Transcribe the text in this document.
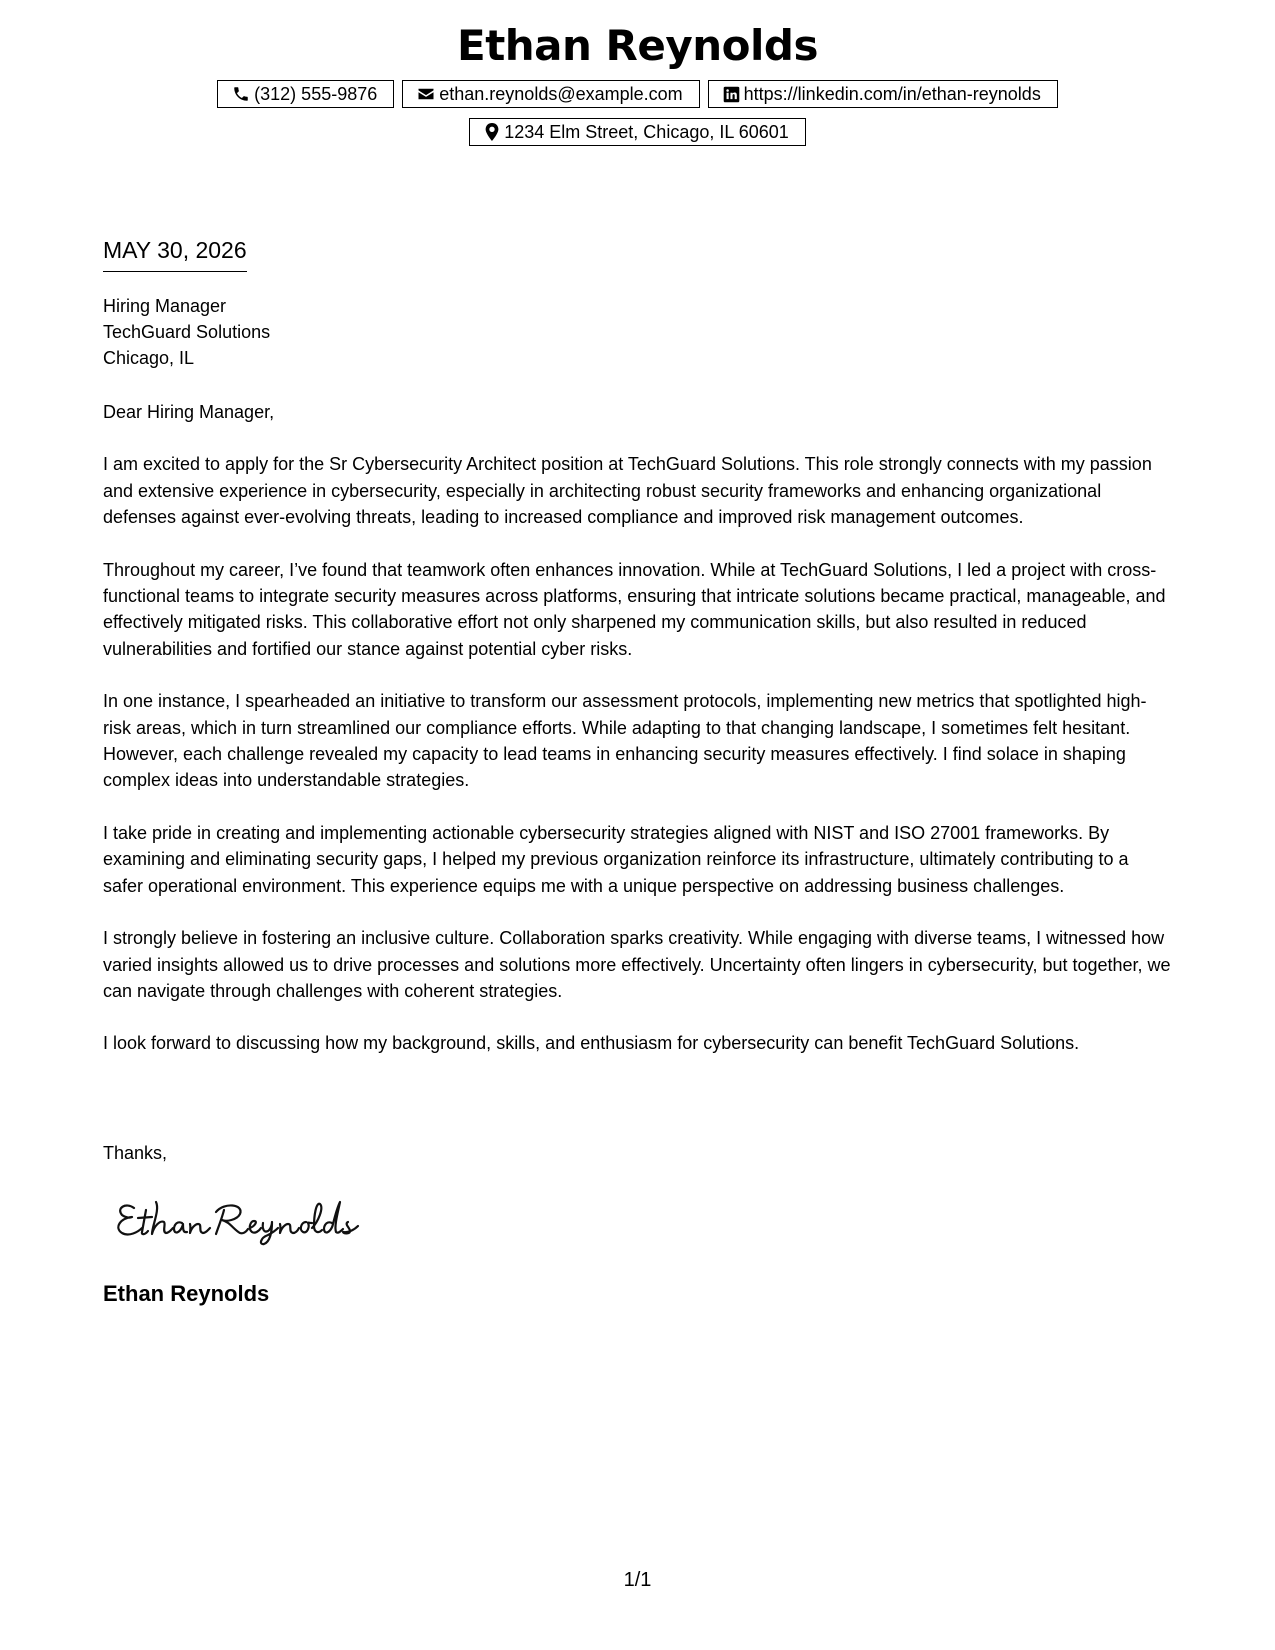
Ethan Reynolds
(312) 555-9876	ethan.reynolds@example.com	https://linkedin.com/in/ethan-reynolds
1234 Elm Street, Chicago, IL 60601
MAY 30, 2026
Hiring Manager
TechGuard Solutions
Chicago, IL
Dear Hiring Manager,

I am excited to apply for the Sr Cybersecurity Architect position at TechGuard Solutions. This role strongly connects with my passion and extensive experience in cybersecurity, especially in architecting robust security frameworks and enhancing organizational defenses against ever-evolving threats, leading to increased compliance and improved risk management outcomes.

Throughout my career, I’ve found that teamwork often enhances innovation. While at TechGuard Solutions, I led a project with cross-functional teams to integrate security measures across platforms, ensuring that intricate solutions became practical, manageable, and effectively mitigated risks. This collaborative effort not only sharpened my communication skills, but also resulted in reduced vulnerabilities and fortified our stance against potential cyber risks.

In one instance, I spearheaded an initiative to transform our assessment protocols, implementing new metrics that spotlighted high-risk areas, which in turn streamlined our compliance efforts. While adapting to that changing landscape, I sometimes felt hesitant. However, each challenge revealed my capacity to lead teams in enhancing security measures effectively. I find solace in shaping complex ideas into understandable strategies.

I take pride in creating and implementing actionable cybersecurity strategies aligned with NIST and ISO 27001 frameworks. By examining and eliminating security gaps, I helped my previous organization reinforce its infrastructure, ultimately contributing to a safer operational environment. This experience equips me with a unique perspective on addressing business challenges.

I strongly believe in fostering an inclusive culture. Collaboration sparks creativity. While engaging with diverse teams, I witnessed how varied insights allowed us to drive processes and solutions more effectively. Uncertainty often lingers in cybersecurity, but together, we can navigate through challenges with coherent strategies.

I look forward to discussing how my background, skills, and enthusiasm for cybersecurity can benefit TechGuard Solutions.

Thanks,
Ethan Reynolds
1/1
